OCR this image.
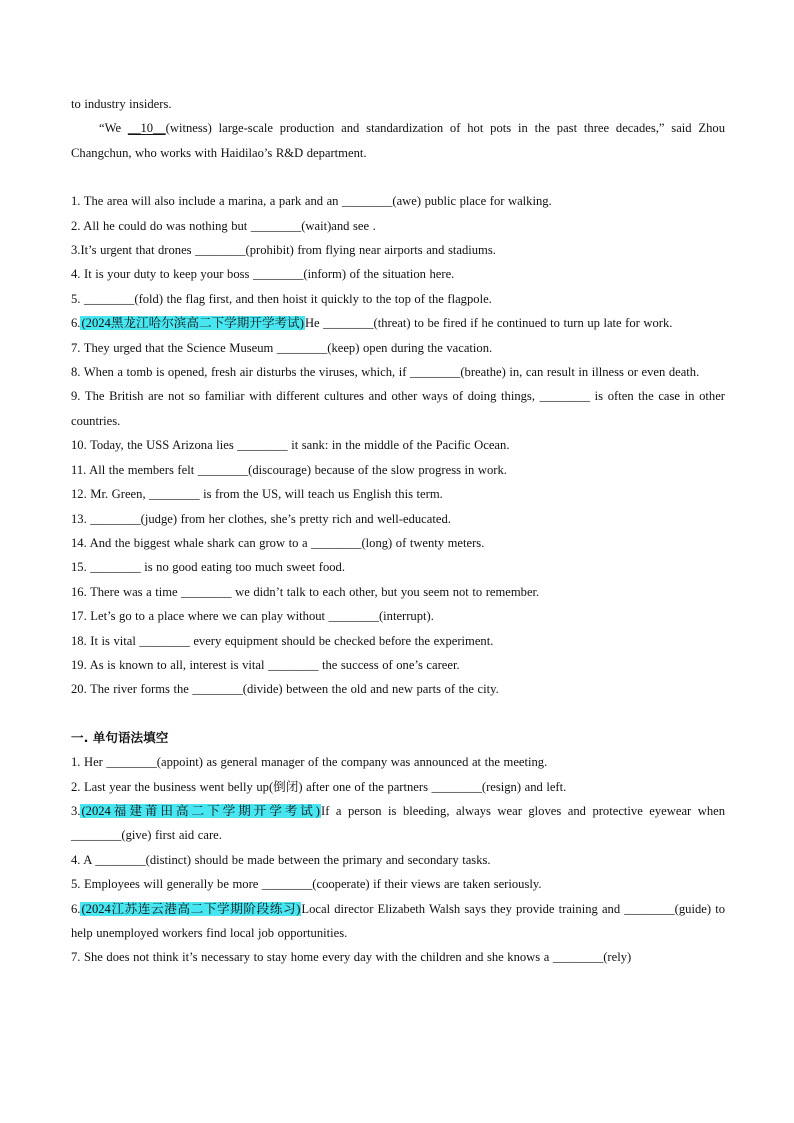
to industry insiders.

“We __10__(witness) large-scale production and standardization of hot pots in the past three decades,” said Zhou Changchun, who works with Haidilao’s R&D department.

1. The area will also include a marina, a park and an ________(awe) public place for walking.

2. All he could do was nothing but ________(wait)and see .

3.It’s urgent that drones ________(prohibit) from flying near airports and stadiums.

4. It is your duty to keep your boss ________(inform) of the situation here.

5. ________(fold) the flag first, and then hoist it quickly to the top of the flagpole.

6.(2024黑龙江哈尔滨高二下学期开学考试)He ________(threat) to be fired if he continued to turn up late for work.

7. They urged that the Science Museum ________(keep) open during the vacation.

8. When a tomb is opened, fresh air disturbs the viruses, which, if ________(breathe) in, can result in illness or even death.

9. The British are not so familiar with different cultures and other ways of doing things, ________ is often the case in other countries.

10. Today, the USS Arizona lies ________ it sank: in the middle of the Pacific Ocean.

11. All the members felt ________(discourage) because of the slow progress in work.

12. Mr. Green, ________ is from the US, will teach us English this term.

13. ________(judge) from her clothes, she’s pretty rich and well-educated.

14. And the biggest whale shark can grow to a ________(long) of twenty meters.

15. ________ is no good eating too much sweet food.

16. There was a time ________ we didn’t talk to each other, but you seem not to remember.

17. Let’s go to a place where we can play without ________(interrupt).

18. It is vital ________ every equipment should be checked before the experiment.

19. As is known to all, interest is vital ________ the success of one’s career.

20. The river forms the ________(divide) between the old and new parts of the city.

一. 单句语法填空

1. Her ________(appoint) as general manager of the company was announced at the meeting.

2. Last year the business went belly up(倒闭) after one of the partners ________(resign) and left.

3.(2024福建莆田高二下学期开学考试)If a person is bleeding, always wear gloves and protective eyewear when ________(give) first aid care.

4. A ________(distinct) should be made between the primary and secondary tasks.

5. Employees will generally be more ________(cooperate) if their views are taken seriously.

6.(2024江苏连云港高二下学期阶段练习)Local director Elizabeth Walsh says they provide training and ________(guide) to help unemployed workers find local job opportunities.

7. She does not think it’s necessary to stay home every day with the children and she knows a ________(rely)
